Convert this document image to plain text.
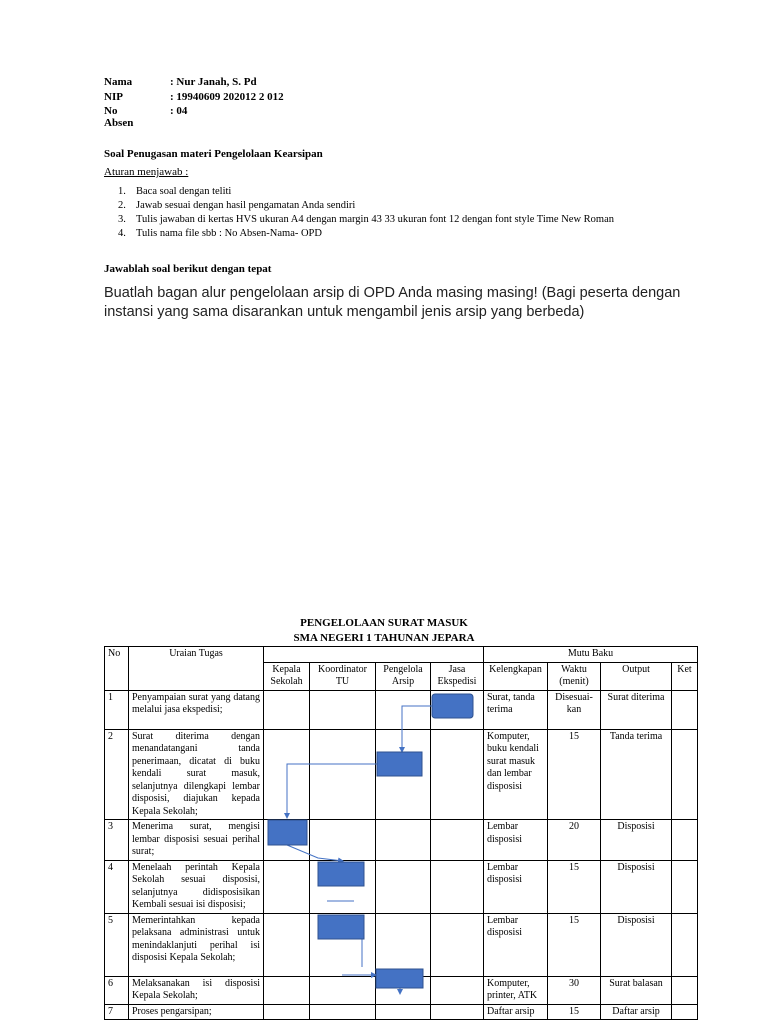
Nama	: Nur Janah, S. Pd
NIP	: 19940609 202012 2 012
No Absen
: 04
Soal Penugasan materi Pengelolaan Kearsipan
Aturan menjawab :
1. Baca soal dengan teliti
2. Jawab sesuai dengan hasil pengamatan Anda sendiri
3. Tulis jawaban di kertas HVS ukuran A4 dengan margin 43 33 ukuran font 12 dengan font style Time New Roman
4. Tulis nama file sbb : No Absen-Nama- OPD
Jawablah soal berikut dengan tepat
Buatlah bagan alur pengelolaan arsip di OPD Anda masing masing! (Bagi peserta dengan instansi yang sama disarankan untuk mengambil jenis arsip yang berbeda)
PENGELOLAAN SURAT MASUK
SMA NEGERI 1 TAHUNAN JEPARA
No	Uraian Tugas					Mutu Baku			
		Kepala Sekolah	Koordinator TU	Pengelola Arsip	Jasa Ekspedisi	Kelengkapan	Waktu (menit)	Output	Ket
1	Penyampaian surat yang datang melalui jasa ekspedisi;					Surat, tanda terima	Disesuai-kan	Surat diterima	
2	Surat diterima dengan menandatangani tanda penerimaan, dicatat di buku kendali surat masuk, selanjutnya dilengkapi lembar disposisi, diajukan kepada Kepala Sekolah;					Komputer, buku kendali surat masuk dan lembar disposisi	15	Tanda terima	
3	Menerima surat, mengisi lembar disposisi sesuai perihal surat;					Lembar disposisi	20	Disposisi	
4	Menelaah perintah Kepala Sekolah sesuai disposisi, selanjutnya didisposisikan Kembali sesuai isi disposisi;					Lembar disposisi	15	Disposisi	
5	Memerintahkan kepada pelaksana administrasi untuk menindaklanjuti perihal isi disposisi Kepala Sekolah;					Lembar disposisi	15	Disposisi	
6	Melaksanakan isi disposisi Kepala Sekolah;					Komputer, printer, ATK	30	Surat balasan	
7	Proses pengarsipan;					Daftar arsip	15	Daftar arsip	
